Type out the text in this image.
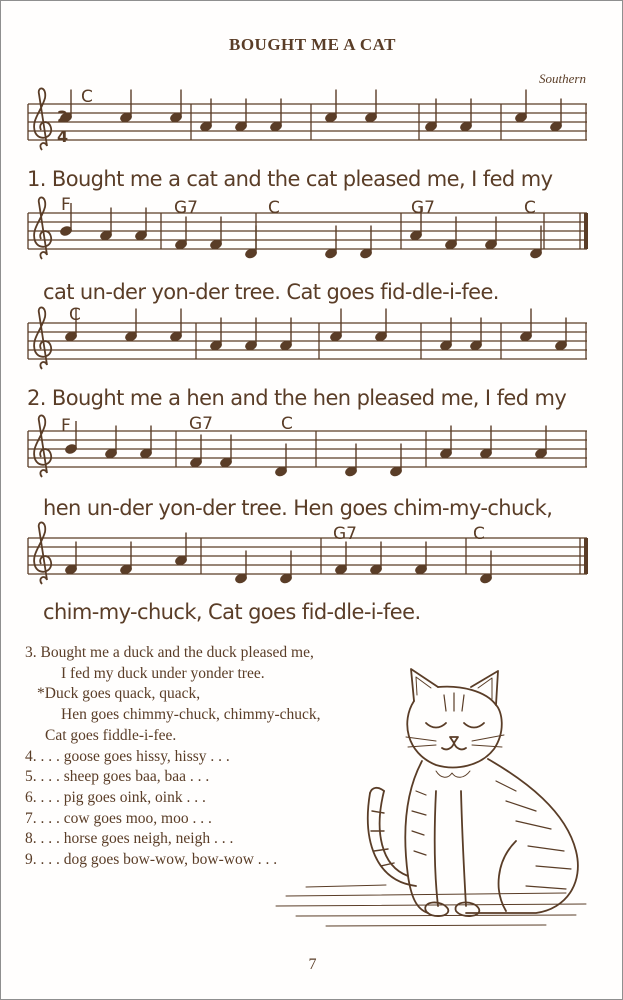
BOUGHT ME A CAT
Southern
C
F	G7	C	G7	C
C
F	G7	C
G7	C
2
4
1. Bought me a cat and the cat pleased me, I fed my
cat un-der yon-der tree. Cat goes fid-dle-i-fee.
2. Bought me a hen and the hen pleased me, I fed my
hen un-der yon-der tree. Hen goes chim-my-chuck,
chim-my-chuck, Cat goes fid-dle-i-fee.
3. Bought me a duck and the duck pleased me,
I fed my duck under yonder tree.
*Duck goes quack, quack,
Hen goes chimmy-chuck, chimmy-chuck,
Cat goes fiddle-i-fee.
4. . . . goose goes hissy, hissy . . .
5. . . . sheep goes baa, baa . . .
6. . . . pig goes oink, oink . . .
7. . . . cow goes moo, moo . . .
8. . . . horse goes neigh, neigh . . .
9. . . . dog goes bow-wow, bow-wow . . .
7
